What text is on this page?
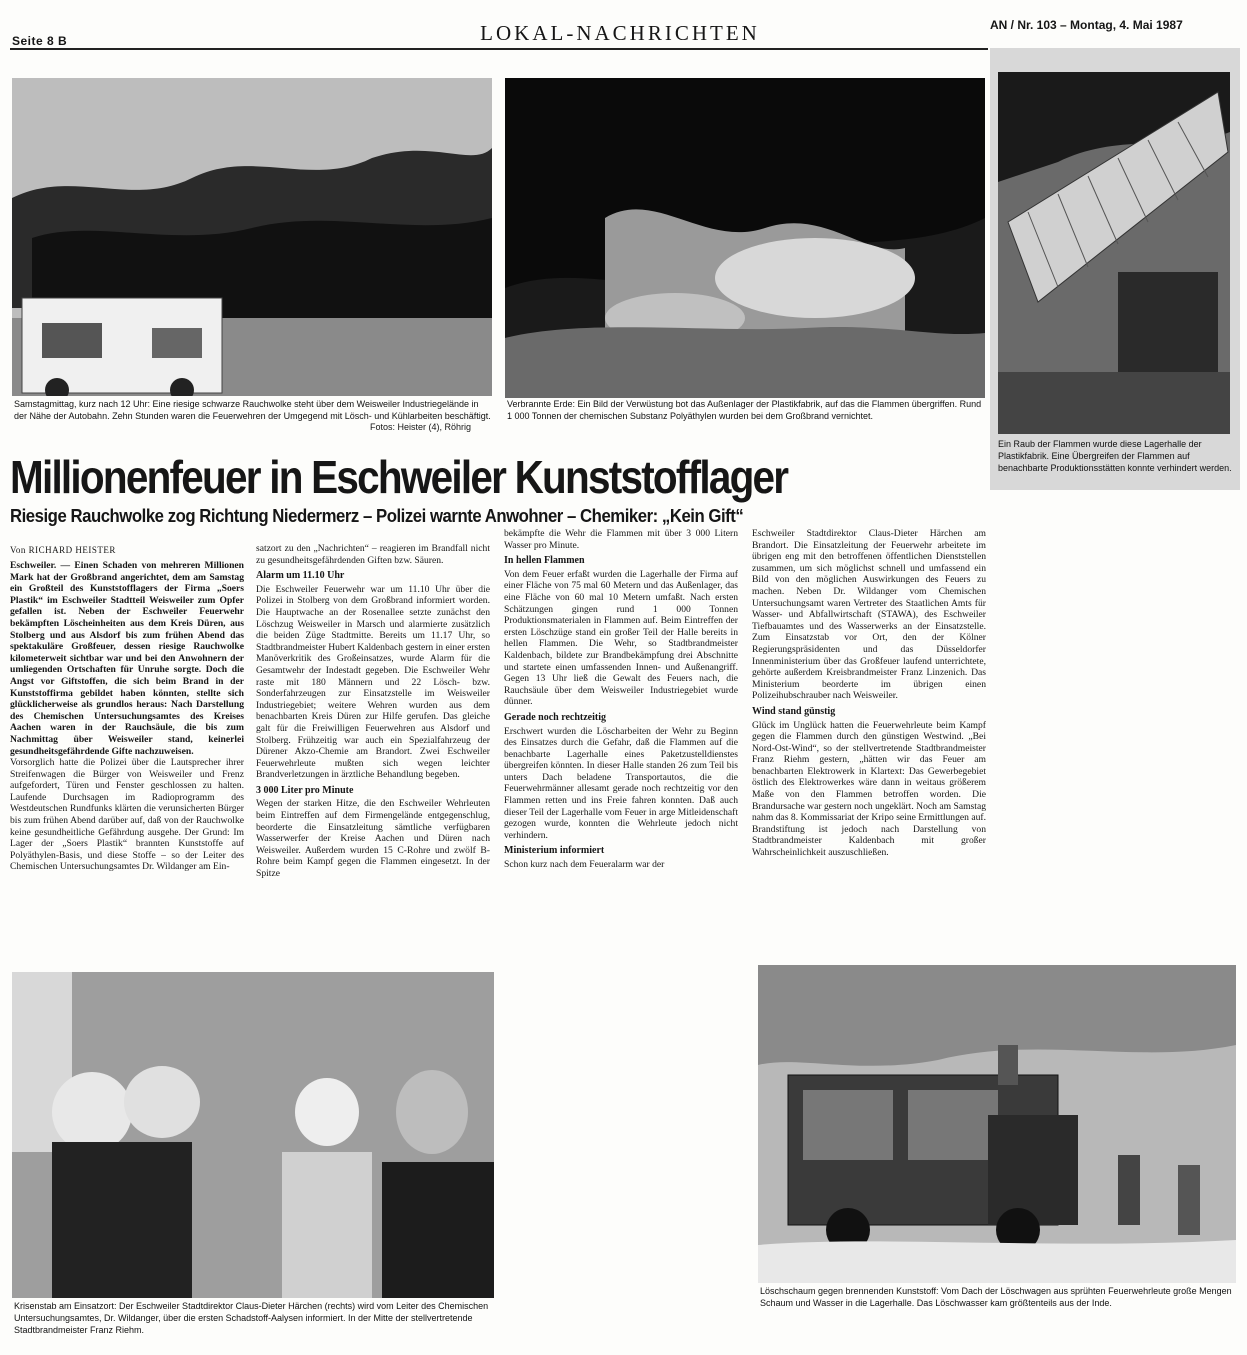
Seite 8 B	LOKAL-NACHRICHTEN	AN / Nr. 103 – Montag, 4. Mai 1987
Samstagmittag, kurz nach 12 Uhr: Eine riesige schwarze Rauchwolke steht über dem Weisweiler Industriegelände in der Nähe der Autobahn. Zehn Stunden waren die Feuerwehren der Umgegend mit Lösch- und Kühlarbeiten beschäftigt.
Fotos: Heister (4), Röhrig
Verbrannte Erde: Ein Bild der Verwüstung bot das Außenlager der Plastikfabrik, auf das die Flammen übergriffen. Rund 1 000 Tonnen der chemischen Substanz Polyäthylen wurden bei dem Großbrand vernichtet.
Ein Raub der Flammen wurde diese Lagerhalle der Plastikfabrik. Eine Übergreifen der Flammen auf benachbarte Produktionsstätten konnte verhindert werden.
Millionenfeuer in Eschweiler Kunststofflager
Riesige Rauchwolke zog Richtung Niedermerz – Polizei warnte Anwohner – Chemiker: „Kein Gift“
Von RICHARD HEISTER

Eschweiler. — Einen Schaden von mehreren Millionen Mark hat der Großbrand angerichtet, dem am Samstag ein Großteil des Kunststofflagers der Firma „Soers Plastik“ im Eschweiler Stadtteil Weisweiler zum Opfer gefallen ist. Neben der Eschweiler Feuerwehr bekämpften Löscheinheiten aus dem Kreis Düren, aus Stolberg und aus Alsdorf bis zum frühen Abend das spektakuläre Großfeuer, dessen riesige Rauchwolke kilometerweit sichtbar war und bei den Anwohnern der umliegenden Ortschaften für Unruhe sorgte. Doch die Angst vor Giftstoffen, die sich beim Brand in der Kunststoffirma gebildet haben könnten, stellte sich glücklicherweise als grundlos heraus: Nach Darstellung des Chemischen Untersuchungsamtes des Kreises Aachen waren in der Rauchsäule, die bis zum Nachmittag über Weisweiler stand, keinerlei gesundheitsgefährdende Gifte nachzuweisen.

Vorsorglich hatte die Polizei über die Lautsprecher ihrer Streifenwagen die Bürger von Weisweiler und Frenz aufgefordert, Türen und Fenster geschlossen zu halten. Laufende Durchsagen im Radioprogramm des Westdeutschen Rundfunks klärten die verunsicherten Bürger bis zum frühen Abend darüber auf, daß von der Rauchwolke keine gesundheitliche Gefährdung ausgehe. Der Grund: Im Lager der „Soers Plastik“ brannten Kunststoffe auf Polyäthylen-Basis, und diese Stoffe – so der Leiter des Chemischen Untersuchungsamtes Dr. Wildanger am Ein-

satzort zu den „Nachrichten“ – reagieren im Brandfall nicht zu gesundheitsgefährdenden Giften bzw. Säuren.

Alarm um 11.10 Uhr

Die Eschweiler Feuerwehr war um 11.10 Uhr über die Polizei in Stolberg von dem Großbrand informiert worden. Die Hauptwache an der Rosenallee setzte zunächst den Löschzug Weisweiler in Marsch und alarmierte zusätzlich die beiden Züge Stadtmitte. Bereits um 11.17 Uhr, so Stadtbrandmeister Hubert Kaldenbach gestern in einer ersten Manöverkritik des Großeinsatzes, wurde Alarm für die Gesamtwehr der Indestadt gegeben. Die Eschweiler Wehr raste mit 180 Männern und 22 Lösch- bzw. Sonderfahrzeugen zur Einsatzstelle im Weisweiler Industriegebiet; weitere Wehren wurden aus dem benachbarten Kreis Düren zur Hilfe gerufen. Das gleiche galt für die Freiwilligen Feuerwehren aus Alsdorf und Stolberg. Frühzeitig war auch ein Spezialfahrzeug der Dürener Akzo-Chemie am Brandort. Zwei Eschweiler Feuerwehrleute mußten sich wegen leichter Brandverletzungen in ärztliche Behandlung begeben.

3 000 Liter pro Minute

Wegen der starken Hitze, die den Eschweiler Wehrleuten beim Eintreffen auf dem Firmengelände entgegenschlug, beorderte die Einsatzleitung sämtliche verfügbaren Wasserwerfer der Kreise Aachen und Düren nach Weisweiler. Außerdem wurden 15 C-Rohre und zwölf B-Rohre beim Kampf gegen die Flammen eingesetzt. In der Spitze

bekämpfte die Wehr die Flammen mit über 3 000 Litern Wasser pro Minute.

In hellen Flammen

Von dem Feuer erfaßt wurden die Lagerhalle der Firma auf einer Fläche von 75 mal 60 Metern und das Außenlager, das eine Fläche von 60 mal 10 Metern umfaßt. Nach ersten Schätzungen gingen rund 1 000 Tonnen Produktionsmaterialen in Flammen auf. Beim Eintreffen der ersten Löschzüge stand ein großer Teil der Halle bereits in hellen Flammen. Die Wehr, so Stadtbrandmeister Kaldenbach, bildete zur Brandbekämpfung drei Abschnitte und startete einen umfassenden Innen- und Außenangriff. Gegen 13 Uhr ließ die Gewalt des Feuers nach, die Rauchsäule über dem Weisweiler Industriegebiet wurde dünner.

Gerade noch rechtzeitig

Erschwert wurden die Löscharbeiten der Wehr zu Beginn des Einsatzes durch die Gefahr, daß die Flammen auf die benachbarte Lagerhalle eines Paketzustelldienstes übergreifen könnten. In dieser Halle standen 26 zum Teil bis unters Dach beladene Transportautos, die die Feuerwehrmänner allesamt gerade noch rechtzeitig vor den Flammen retten und ins Freie fahren konnten. Daß auch dieser Teil der Lagerhalle vom Feuer in arge Mitleidenschaft gezogen wurde, konnten die Wehrleute jedoch nicht verhindern.

Ministerium informiert

Schon kurz nach dem Feueralarm war der

Eschweiler Stadtdirektor Claus-Dieter Härchen am Brandort. Die Einsatzleitung der Feuerwehr arbeitete im übrigen eng mit den betroffenen öffentlichen Dienststellen zusammen, um sich möglichst schnell und umfassend ein Bild von den möglichen Auswirkungen des Feuers zu machen. Neben Dr. Wildanger vom Chemischen Untersuchungsamt waren Vertreter des Staatlichen Amts für Wasser- und Abfallwirtschaft (STAWA), des Eschweiler Tiefbauamtes und des Wasserwerks an der Einsatzstelle. Zum Einsatzstab vor Ort, den der Kölner Regierungspräsidenten und das Düsseldorfer Innenministerium über das Großfeuer laufend unterrichtete, gehörte außerdem Kreisbrandmeister Franz Linzenich. Das Ministerium beorderte im übrigen einen Polizeihubschrauber nach Weisweiler.

Wind stand günstig

Glück im Unglück hatten die Feuerwehrleute beim Kampf gegen die Flammen durch den günstigen Westwind. „Bei Nord-Ost-Wind“, so der stellvertretende Stadtbrandmeister Franz Riehm gestern, „hätten wir das Feuer am benachbarten Elektrowerk in Klartext: Das Gewerbegebiet östlich des Elektrowerkes wäre dann in weitaus größerem Maße von den Flammen betroffen worden. Die Brandursache war gestern noch ungeklärt. Noch am Samstag nahm das 8. Kommissariat der Kripo seine Ermittlungen auf. Brandstiftung ist jedoch nach Darstellung von Stadtbrandmeister Kaldenbach mit großer Wahrscheinlichkeit auszuschließen.

Krisenstab am Einsatzort: Der Eschweiler Stadtdirektor Claus-Dieter Härchen (rechts) wird vom Leiter des Chemischen Untersuchungsamtes, Dr. Wildanger, über die ersten Schadstoff-Aalysen informiert. In der Mitte der stellvertretende Stadtbrandmeister Franz Riehm.
Löschschaum gegen brennenden Kunststoff: Vom Dach der Löschwagen aus sprühten Feuerwehrleute große Mengen Schaum und Wasser in die Lagerhalle. Das Löschwasser kam größtenteils aus der Inde.
